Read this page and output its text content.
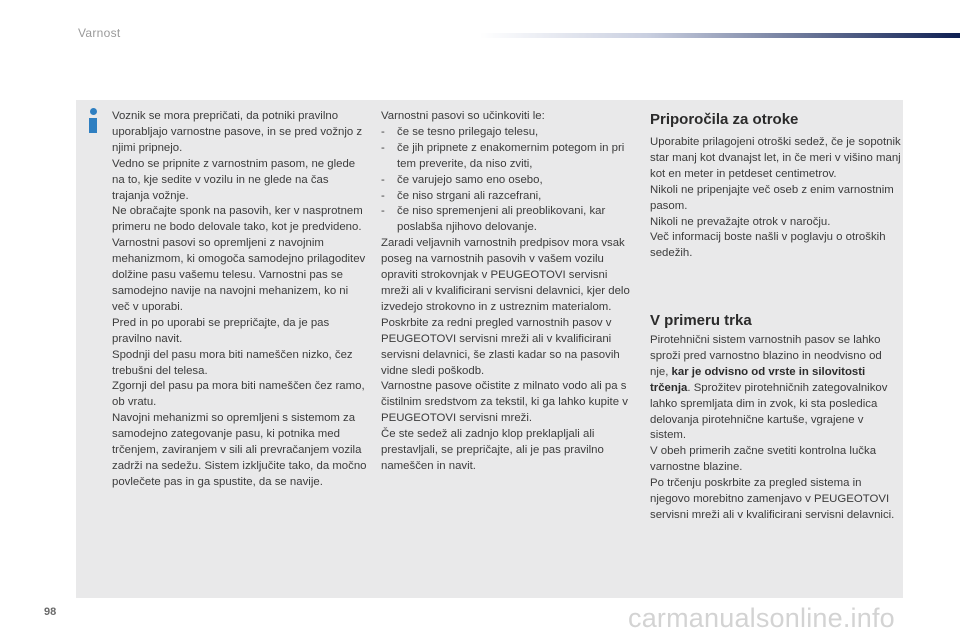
Varnost

Voznik se mora prepričati, da potniki pravilno uporabljajo varnostne pasove, in se pred vožnjo z njimi pripnejo.

Vedno se pripnite z varnostnim pasom, ne glede na to, kje sedite v vozilu in ne glede na čas trajanja vožnje.

Ne obračajte sponk na pasovih, ker v nasprotnem primeru ne bodo delovale tako, kot je predvideno.

Varnostni pasovi so opremljeni z navojnim mehanizmom, ki omogoča samodejno prilagoditev dolžine pasu vašemu telesu. Varnostni pas se samodejno navije na navojni mehanizem, ko ni več v uporabi.

Pred in po uporabi se prepričajte, da je pas pravilno navit.

Spodnji del pasu mora biti nameščen nizko, čez trebušni del telesa.

Zgornji del pasu pa mora biti nameščen čez ramo, ob vratu.

Navojni mehanizmi so opremljeni s sistemom za samodejno zategovanje pasu, ki potnika med trčenjem, zaviranjem v sili ali prevračanjem vozila zadrži na sedežu. Sistem izključite tako, da močno povlečete pas in ga spustite, da se navije.

Varnostni pasovi so učinkoviti le:

- če se tesno prilegajo telesu,

- če jih pripnete z enakomernim potegom in pri tem preverite, da niso zviti,

- če varujejo samo eno osebo,

- če niso strgani ali razcefrani,

- če niso spremenjeni ali preoblikovani, kar poslabša njihovo delovanje.

Zaradi veljavnih varnostnih predpisov mora vsak poseg na varnostnih pasovih v vašem vozilu opraviti strokovnjak v PEUGEOTOVI servisni mreži ali v kvalificirani servisni delavnici, kjer delo izvedejo strokovno in z ustreznim materialom.

Poskrbite za redni pregled varnostnih pasov v PEUGEOTOVI servisni mreži ali v kvalificirani servisni delavnici, še zlasti kadar so na pasovih vidne sledi poškodb.

Varnostne pasove očistite z milnato vodo ali pa s čistilnim sredstvom za tekstil, ki ga lahko kupite v PEUGEOTOVI servisni mreži.

Če ste sedež ali zadnjo klop preklapljali ali prestavljali, se prepričajte, ali je pas pravilno nameščen in navit.

Priporočila za otroke

Uporabite prilagojeni otroški sedež, če je sopotnik star manj kot dvanajst let, in če meri v višino manj kot en meter in petdeset centimetrov.

Nikoli ne pripenjajte več oseb z enim varnostnim pasom.

Nikoli ne prevažajte otrok v naročju.

Več informacij boste našli v poglavju o otroških sedežih.

V primeru trka

Pirotehnični sistem varnostnih pasov se lahko sproži pred varnostno blazino in neodvisno od nje, kar je odvisno od vrste in silovitosti trčenja. Sprožitev pirotehničnih zategovalnikov lahko spremljata dim in zvok, ki sta posledica delovanja pirotehnične kartuše, vgrajene v sistem.

V obeh primerih začne svetiti kontrolna lučka varnostne blazine.

Po trčenju poskrbite za pregled sistema in njegovo morebitno zamenjavo v PEUGEOTOVI servisni mreži ali v kvalificirani servisni delavnici.

98	carmanualsonline.info
